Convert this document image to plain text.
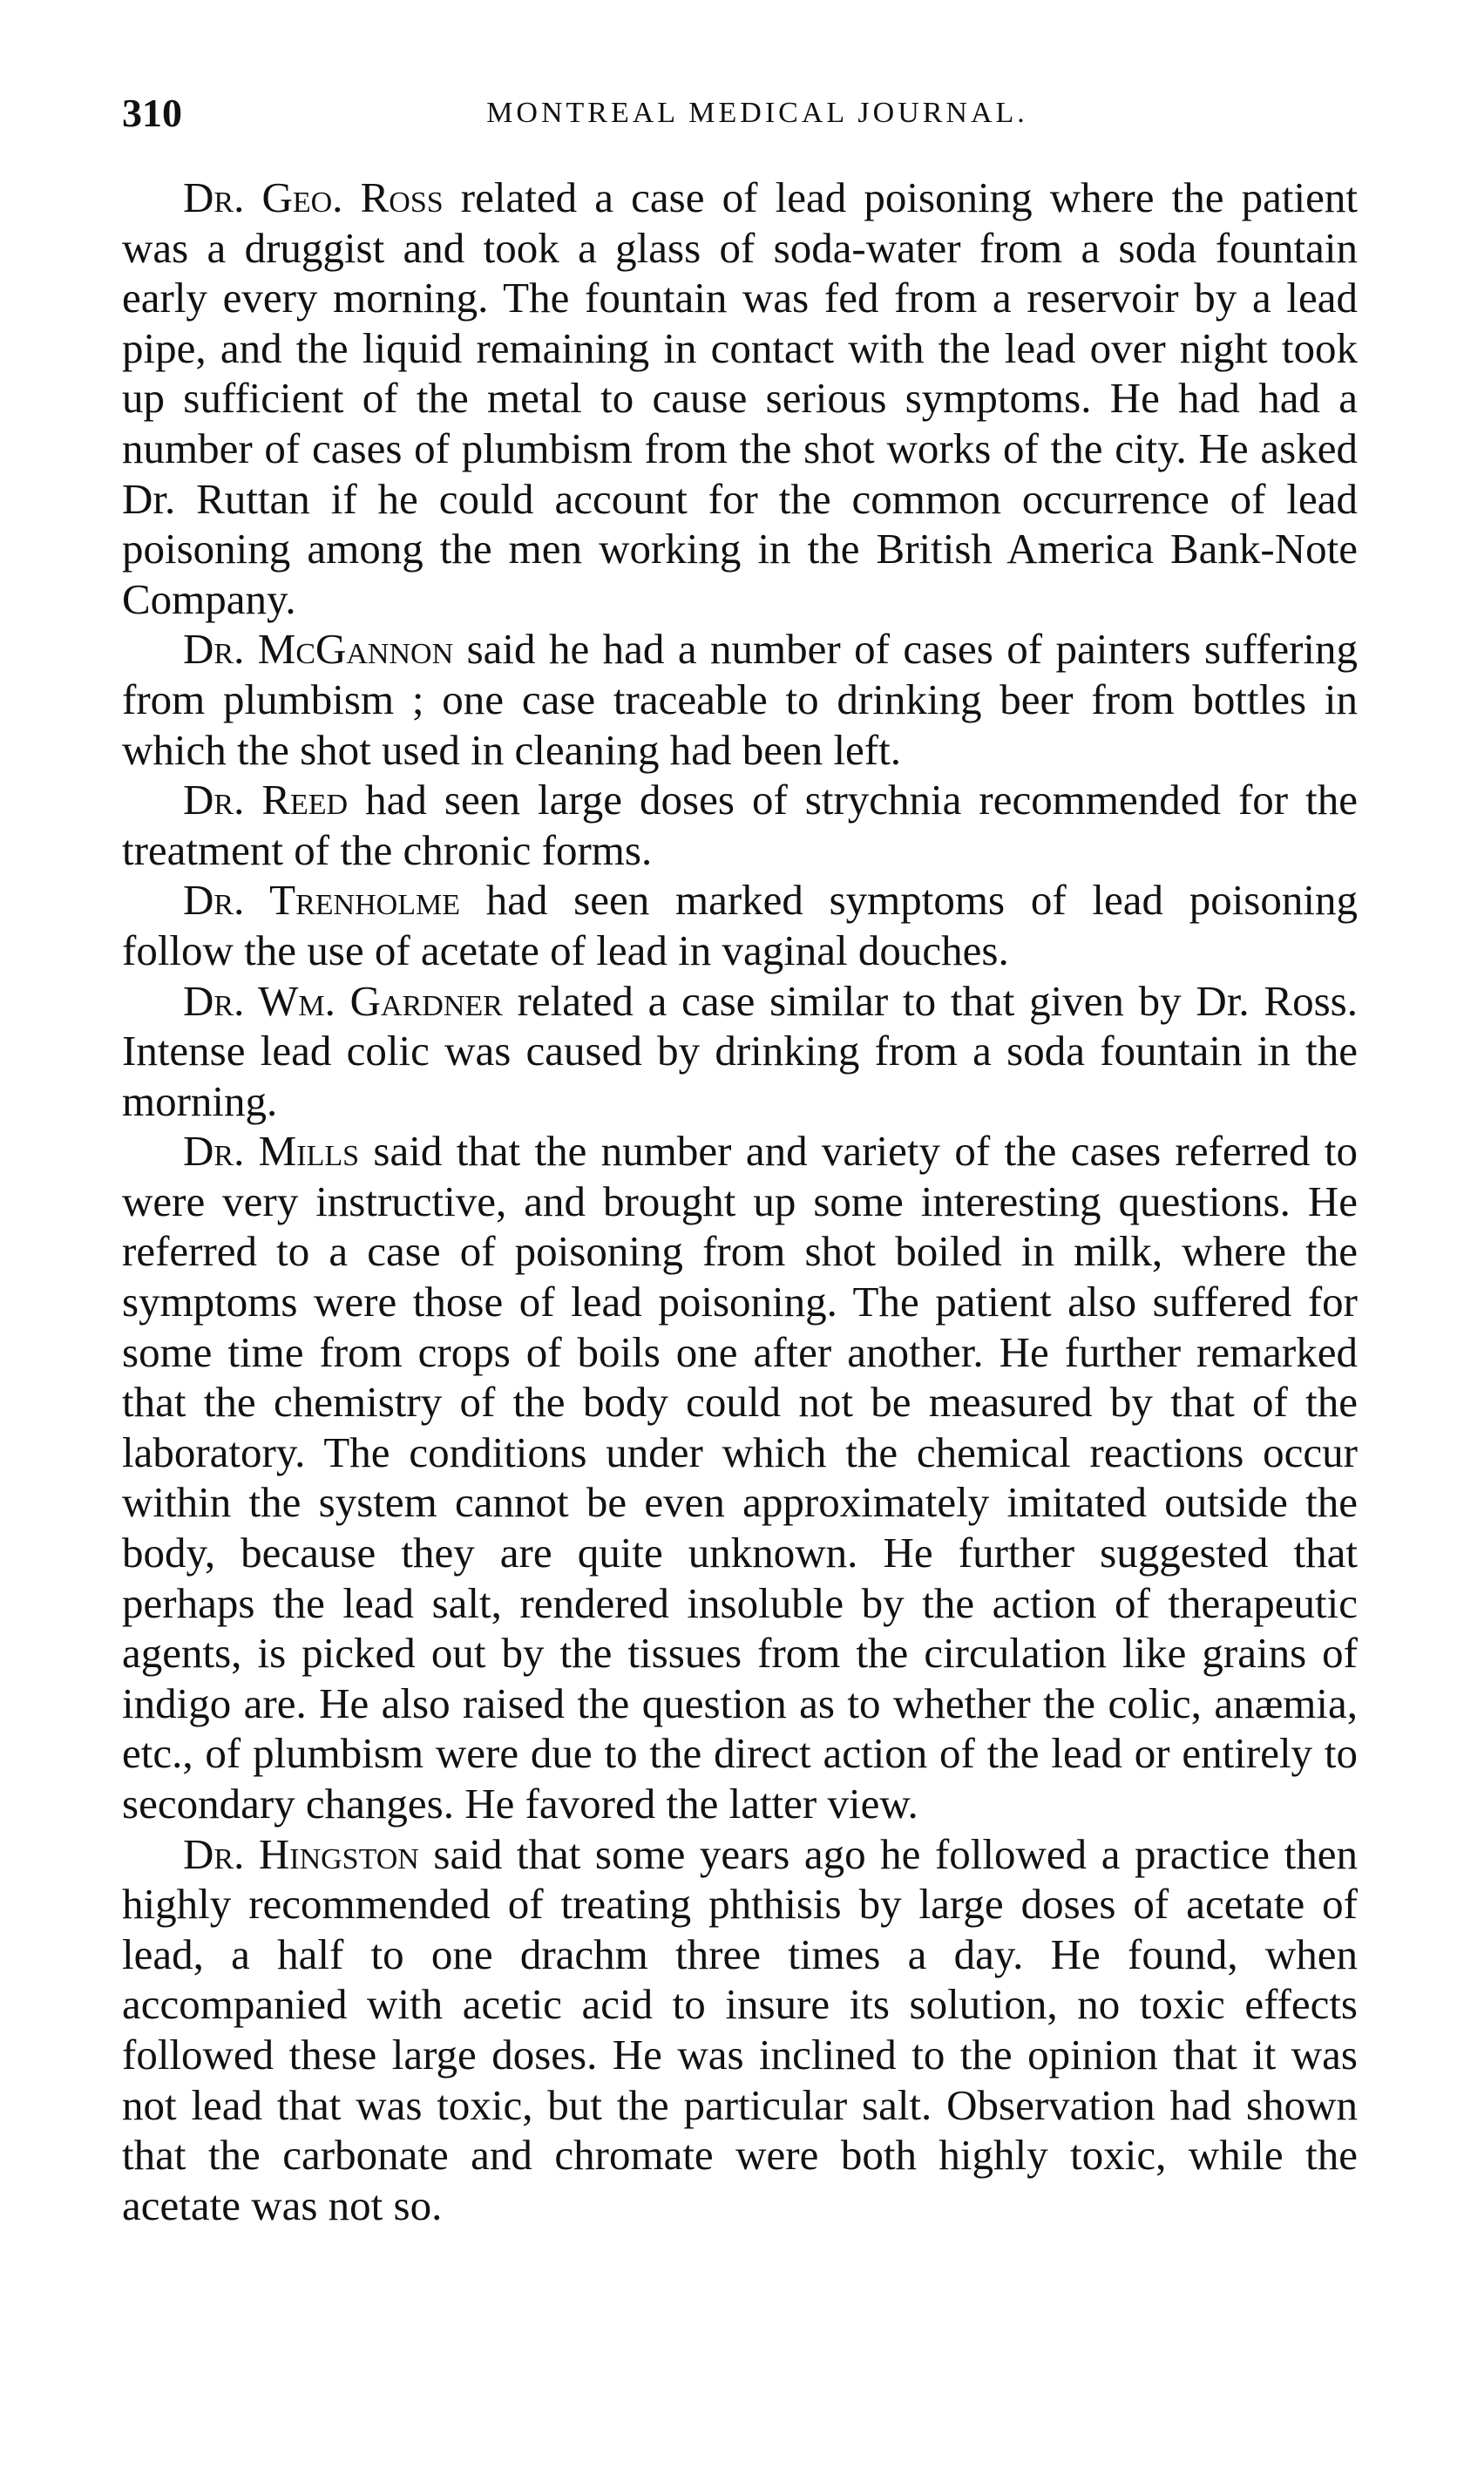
310	MONTREAL MEDICAL JOURNAL.

Dr. Geo. Ross related a case of lead poisoning where the patient was a druggist and took a glass of soda-water from a soda fountain early every morning. The fountain was fed from a reservoir by a lead pipe, and the liquid remaining in contact with the lead over night took up sufficient of the metal to cause serious symptoms. He had had a number of cases of plumbism from the shot works of the city. He asked Dr. Ruttan if he could account for the common occurrence of lead poisoning among the men working in the British America Bank-Note Company.

Dr. McGannon said he had a number of cases of painters suffering from plumbism ; one case traceable to drinking beer from bottles in which the shot used in cleaning had been left.

Dr. Reed had seen large doses of strychnia recommended for the treatment of the chronic forms.

Dr. Trenholme had seen marked symptoms of lead poisoning follow the use of acetate of lead in vaginal douches.

Dr. Wm. Gardner related a case similar to that given by Dr. Ross. Intense lead colic was caused by drinking from a soda fountain in the morning.

Dr. Mills said that the number and variety of the cases referred to were very instructive, and brought up some interesting questions. He referred to a case of poisoning from shot boiled in milk, where the symptoms were those of lead poisoning. The patient also suffered for some time from crops of boils one after another. He further remarked that the chemistry of the body could not be measured by that of the laboratory. The conditions under which the chemical reactions occur within the system cannot be even approximately imitated outside the body, because they are quite unknown. He further suggested that perhaps the lead salt, rendered insoluble by the action of therapeutic agents, is picked out by the tissues from the circulation like grains of indigo are. He also raised the question as to whether the colic, anæmia, etc., of plumbism were due to the direct action of the lead or entirely to secondary changes. He favored the latter view.

Dr. Hingston said that some years ago he followed a practice then highly recommended of treating phthisis by large doses of acetate of lead, a half to one drachm three times a day. He found, when accompanied with acetic acid to insure its solution, no toxic effects followed these large doses. He was inclined to the opinion that it was not lead that was toxic, but the particular salt. Observation had shown that the carbonate and chromate were both highly toxic, while the acetate was not so.
